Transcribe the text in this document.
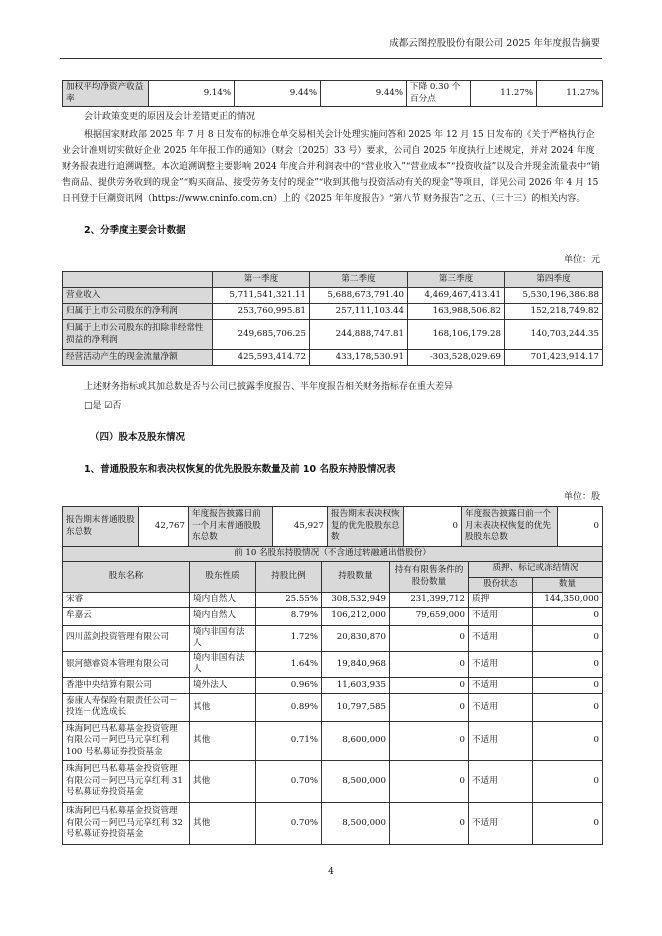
成都云图控股股份有限公司 2025 年年度报告摘要
加权平均净资产收益率	9.14%	9.44%	9.44%	下降 0.30 个百分点	11.27%	11.27%
会计政策变更的原因及会计差错更正的情况
根据国家财政部 2025 年 7 月 8 日发布的标准仓单交易相关会计处理实施问答和 2025 年 12 月 15 日发布的《关于严格执行企业会计准则切实做好企业 2025 年年报工作的通知》（财会〔2025〕33 号）要求，公司自 2025 年度执行上述规定，并对 2024 年度财务报表进行追溯调整。本次追溯调整主要影响 2024 年度合并利润表中的“营业收入”“营业成本”“投资收益”以及合并现金流量表中“销售商品、提供劳务收到的现金”“购买商品、接受劳务支付的现金”“收到其他与投资活动有关的现金”等项目，详见公司 2026 年 4 月 15 日刊登于巨潮资讯网（https://www.cninfo.com.cn）上的《2025 年年度报告》“第八节 财务报告”之五、（三十三）的相关内容。
2、分季度主要会计数据
单位：元
	第一季度	第二季度	第三季度	第四季度
营业收入	5,711,541,321.11	5,688,673,791.40	4,469,467,413.41	5,530,196,386.88
归属于上市公司股东的净利润	253,760,995.81	257,111,103.44	163,988,506.82	152,218,749.82
归属于上市公司股东的扣除非经常性损益的净利润	249,685,706.25	244,888,747.81	168,106,179.28	140,703,244.35
经营活动产生的现金流量净额	425,593,414.72	433,178,530.91	-303,528,029.69	701,423,914.17
上述财务指标或其加总数是否与公司已披露季度报告、半年度报告相关财务指标存在重大差异
□是 ☑否
（四）股本及股东情况
1、普通股股东和表决权恢复的优先股股东数量及前 10 名股东持股情况表
单位：股
报告期末普通股股东总数	42,767	年度报告披露日前一个月末普通股股东总数	45,927	报告期末表决权恢复的优先股股东总数	0	年度报告披露日前一个月末表决权恢复的优先股股东总数	0
前 10 名股东持股情况（不含通过转融通出借股份）						
股东名称	股东性质	持股比例	持股数量	持有有限售条件的股份数量	质押、标记或冻结情况	
					股份状态	数量
宋睿	境内自然人	25.55%	308,532,949	231,399,712	质押	144,350,000
牟嘉云	境内自然人	8.79%	106,212,000	79,659,000	不适用	0
四川蓝剑投资管理有限公司	境内非国有法人	1.72%	20,830,870	0	不适用	0
银河德睿资本管理有限公司	境内非国有法人	1.64%	19,840,968	0	不适用	0
香港中央结算有限公司	境外法人	0.96%	11,603,935	0	不适用	0
泰康人寿保险有限责任公司－投连－优选成长	其他	0.89%	10,797,585	0	不适用	0
珠海阿巴马私募基金投资管理有限公司－阿巴马元享红利 100 号私募证券投资基金	其他	0.71%	8,600,000	0	不适用	0
珠海阿巴马私募基金投资管理有限公司－阿巴马元享红利 31 号私募证券投资基金	其他	0.70%	8,500,000	0	不适用	0
珠海阿巴马私募基金投资管理有限公司－阿巴马元享红利 32 号私募证券投资基金	其他	0.70%	8,500,000	0	不适用	0
4
